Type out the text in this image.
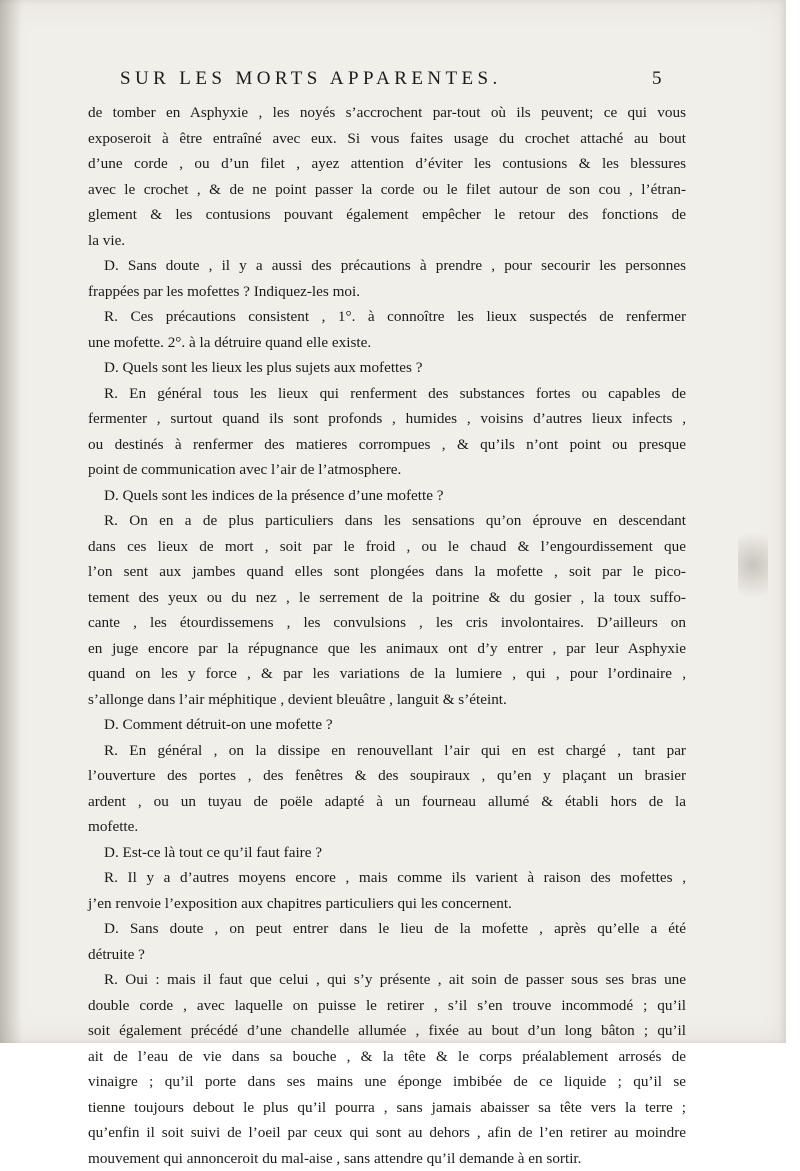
SUR LES MORTS APPARENTES.	5
de tomber en Asphyxie , les noyés s’accrochent par-tout où ils peuvent; ce qui vous
exposeroit à être entraîné avec eux. Si vous faites usage du crochet attaché au bout
d’une corde , ou d’un filet , ayez attention d’éviter les contusions & les blessures
avec le crochet , & de ne point passer la corde ou le filet autour de son cou , l’étran-
glement & les contusions pouvant également empêcher le retour des fonctions de
la vie.
D. Sans doute , il y a aussi des précautions à prendre , pour secourir les personnes
frappées par les mofettes ? Indiquez-les moi.
R. Ces précautions consistent , 1°. à connoître les lieux suspectés de renfermer
une mofette. 2°. à la détruire quand elle existe.
D. Quels sont les lieux les plus sujets aux mofettes ?
R. En général tous les lieux qui renferment des substances fortes ou capables de
fermenter , surtout quand ils sont profonds , humides , voisins d’autres lieux infects ,
ou destinés à renfermer des matieres corrompues , & qu’ils n’ont point ou presque
point de communication avec l’air de l’atmosphere.
D. Quels sont les indices de la présence d’une mofette ?
R. On en a de plus particuliers dans les sensations qu’on éprouve en descendant
dans ces lieux de mort , soit par le froid , ou le chaud & l’engourdissement que
l’on sent aux jambes quand elles sont plongées dans la mofette , soit par le pico-
tement des yeux ou du nez , le serrement de la poitrine & du gosier , la toux suffo-
cante , les étourdissemens , les convulsions , les cris involontaires. D’ailleurs on
en juge encore par la répugnance que les animaux ont d’y entrer , par leur Asphyxie
quand on les y force , & par les variations de la lumiere , qui , pour l’ordinaire ,
s’allonge dans l’air méphitique , devient bleuâtre , languit & s’éteint.
D. Comment détruit-on une mofette ?
R. En général , on la dissipe en renouvellant l’air qui en est chargé , tant par
l’ouverture des portes , des fenêtres & des soupiraux , qu’en y plaçant un brasier
ardent , ou un tuyau de poële adapté à un fourneau allumé & établi hors de la
mofette.
D. Est-ce là tout ce qu’il faut faire ?
R. Il y a d’autres moyens encore , mais comme ils varient à raison des mofettes ,
j’en renvoie l’exposition aux chapitres particuliers qui les concernent.
D. Sans doute , on peut entrer dans le lieu de la mofette , après qu’elle a été
détruite ?
R. Oui : mais il faut que celui , qui s’y présente , ait soin de passer sous ses bras une
double corde , avec laquelle on puisse le retirer , s’il s’en trouve incommodé ; qu’il
soit également précédé d’une chandelle allumée , fixée au bout d’un long bâton ; qu’il
ait de l’eau de vie dans sa bouche , & la tête & le corps préalablement arrosés de
vinaigre ; qu’il porte dans ses mains une éponge imbibée de ce liquide ; qu’il se
tienne toujours debout le plus qu’il pourra , sans jamais abaisser sa tête vers la terre ;
qu’enfin il soit suivi de l’oeil par ceux qui sont au dehors , afin de l’en retirer au moindre
mouvement qui annonceroit du mal-aise , sans attendre qu’il demande à en sortir.
